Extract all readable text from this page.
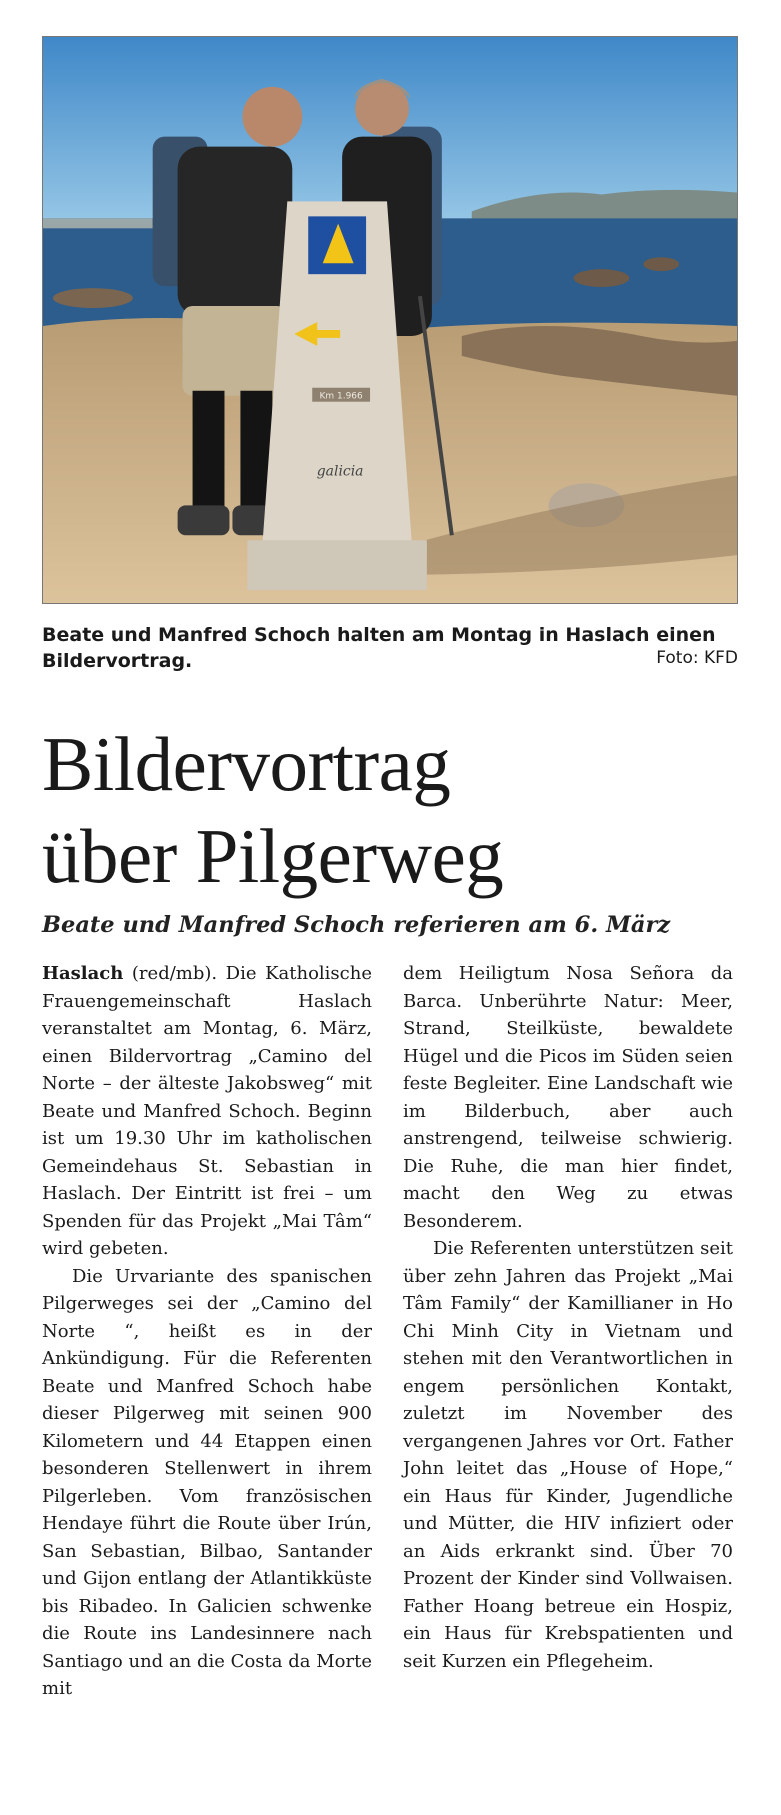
Km 1.966
galicia
Beate und Manfred Schoch halten am Montag in Haslach einen Bildervortrag.	Foto: KFD
Bildervortrag
über Pilgerweg
Beate und Manfred Schoch referieren am 6. März

Haslach (red/mb). Die Katholische Frauengemeinschaft Haslach veranstaltet am Montag, 6. März, einen Bildervortrag „Camino del Norte – der älteste Jakobsweg“ mit Beate und Manfred Schoch. Beginn ist um 19.30 Uhr im katholischen Gemeindehaus St. Sebastian in Haslach. Der Eintritt ist frei – um Spenden für das Projekt „Mai Tâm“ wird gebeten.

Die Urvariante des spanischen Pilgerweges sei der „Camino del Norte “, heißt es in der Ankündigung. Für die Referenten Beate und Manfred Schoch habe dieser Pilgerweg mit seinen 900 Kilometern und 44 Etappen einen besonderen Stellenwert in ihrem Pilgerleben. Vom französischen Hendaye führt die Route über Irún, San Sebastian, Bilbao, Santander und Gijon entlang der Atlantikküste bis Ribadeo. In Galicien schwenke die Route ins Landesinnere nach Santiago und an die Costa da Morte mit

dem Heiligtum Nosa Señora da Barca. Unberührte Natur: Meer, Strand, Steilküste, bewaldete Hügel und die Picos im Süden seien feste Begleiter. Eine Landschaft wie im Bilderbuch, aber auch anstrengend, teilweise schwierig. Die Ruhe, die man hier findet, macht den Weg zu etwas Besonderem.

Die Referenten unterstützen seit über zehn Jahren das Projekt „Mai Tâm Family“ der Kamillianer in Ho Chi Minh City in Vietnam und stehen mit den Verantwortlichen in engem persönlichen Kontakt, zuletzt im November des vergangenen Jahres vor Ort. Father John leitet das „House of Hope,“ ein Haus für Kinder, Jugendliche und Mütter, die HIV infiziert oder an Aids erkrankt sind. Über 70 Prozent der Kinder sind Vollwaisen. Father Hoang betreue ein Hospiz, ein Haus für Krebspatienten und seit Kurzen ein Pflegeheim.
